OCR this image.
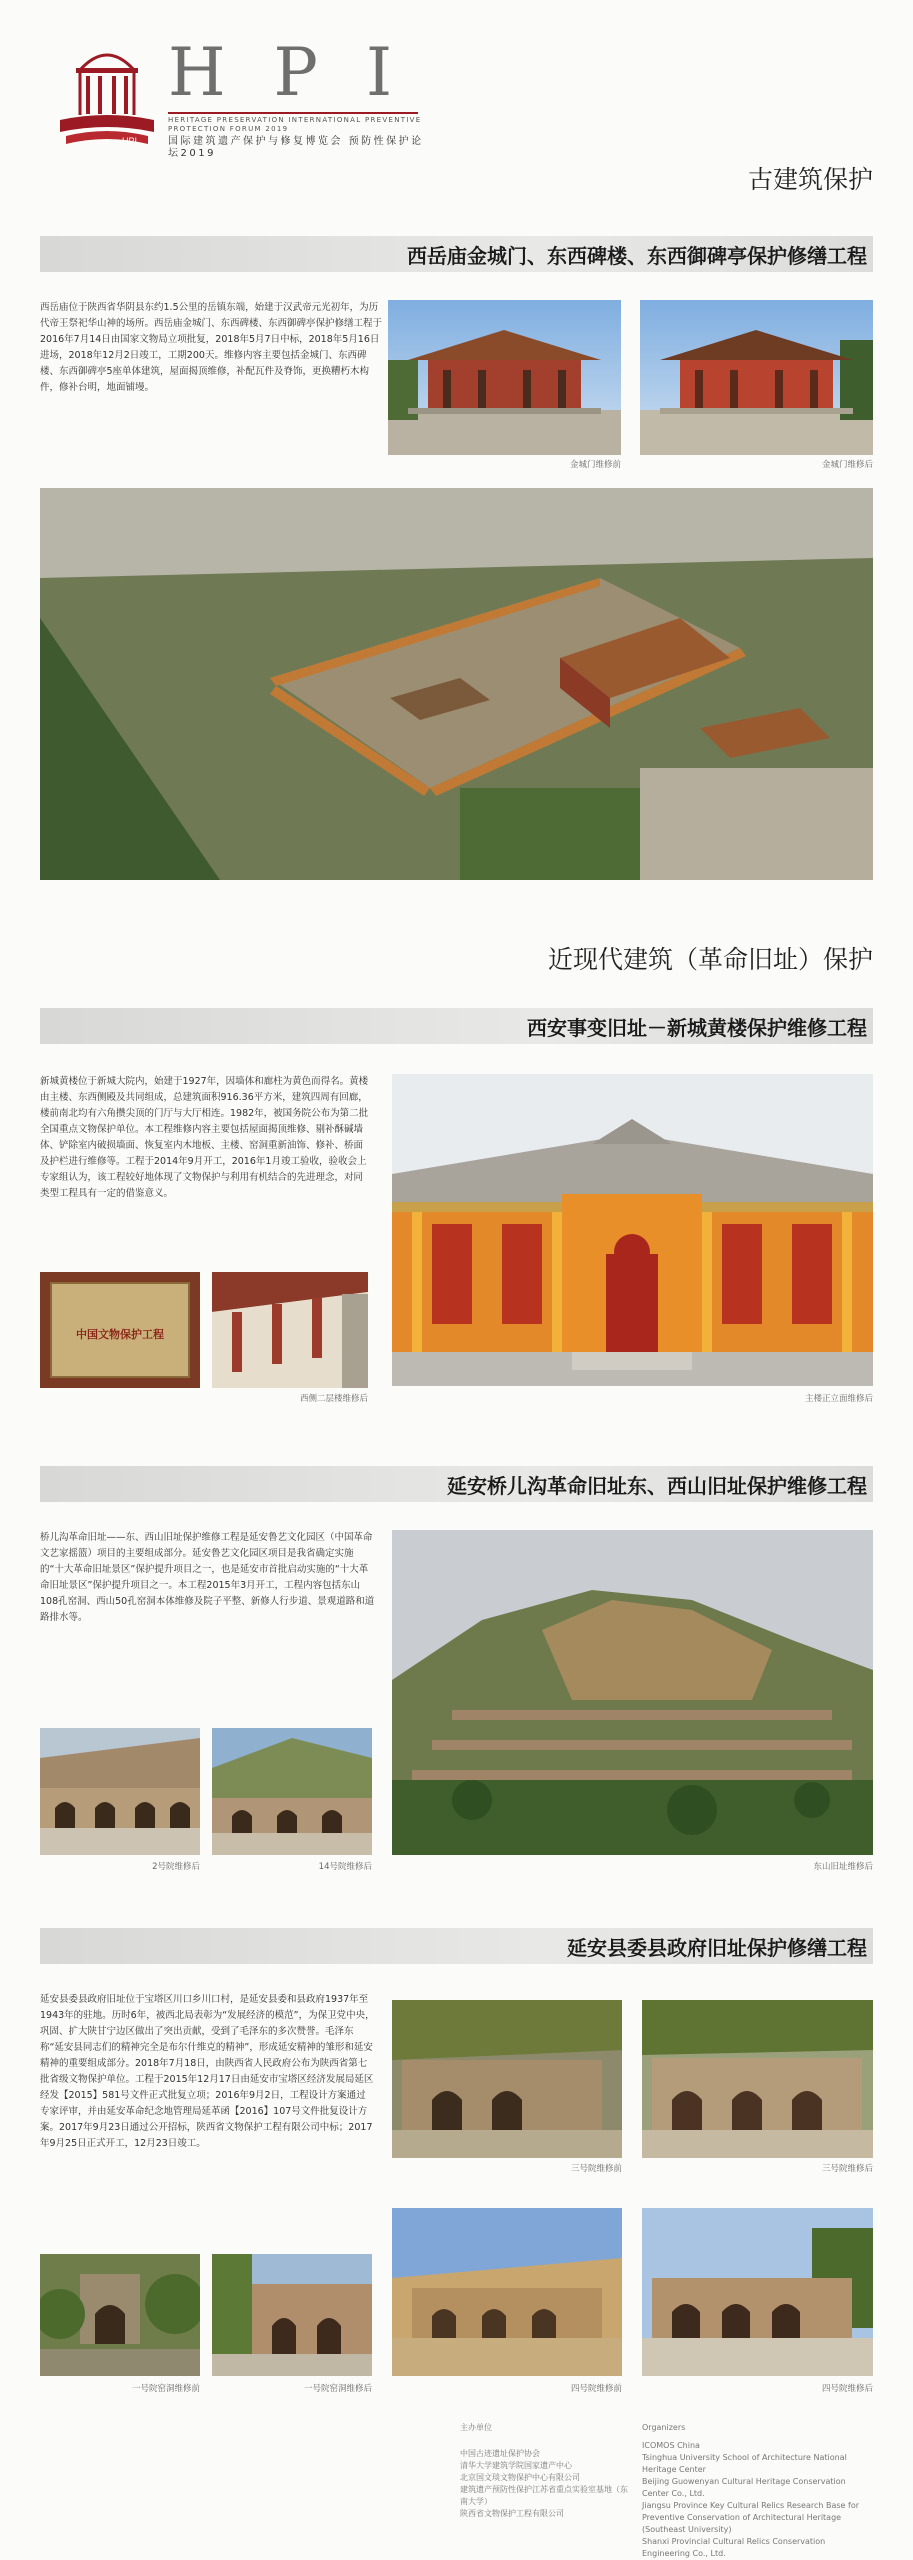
HPI
HPI
HERITAGE PRESERVATION INTERNATIONAL PREVENTIVE PROTECTION FORUM 2019
国际建筑遗产保护与修复博览会 预防性保护论坛2019
古建筑保护
西岳庙金城门、东西碑楼、东西御碑亭保护修缮工程
西岳庙位于陕西省华阴县东约1.5公里的岳镇东端，始建于汉武帝元光初年，为历代帝王祭祀华山神的场所。西岳庙金城门、东西碑楼、东西御碑亭保护修缮工程于2016年7月14日由国家文物局立项批复，2018年5月7日中标，2018年5月16日进场，2018年12月2日竣工，工期200天。维修内容主要包括金城门、东西碑楼、东西御碑亭5座单体建筑，屋面揭顶维修，补配瓦件及脊饰，更换糟朽木构件，修补台明，地面铺墁。
金城门维修前	金城门维修后
近现代建筑（革命旧址）保护
西安事变旧址－新城黄楼保护维修工程
新城黄楼位于新城大院内，始建于1927年，因墙体和廊柱为黄色而得名。黄楼由主楼、东西侧殿及共同组成，总建筑面积916.36平方米，建筑四周有回廊，楼前南北均有六角攒尖顶的门厅与大厅相连。1982年，被国务院公布为第二批全国重点文物保护单位。本工程维修内容主要包括屋面揭顶维修、剔补酥碱墙体、铲除室内破损墙面、恢复室内木地板、主楼、窑洞重新油饰、修补、桥面及护栏进行维修等。工程于2014年9月开工，2016年1月竣工验收，验收会上专家组认为，该工程较好地体现了文物保护与利用有机结合的先进理念，对同类型工程具有一定的借鉴意义。
中国文物保护工程
西侧二层楼维修后	主楼正立面维修后
延安桥儿沟革命旧址东、西山旧址保护维修工程
桥儿沟革命旧址——东、西山旧址保护维修工程是延安鲁艺文化园区（中国革命文艺家摇篮）项目的主要组成部分。延安鲁艺文化园区项目是我省确定实施的“十大革命旧址景区”保护提升项目之一，也是延安市首批启动实施的“十大革命旧址景区”保护提升项目之一。本工程2015年3月开工，工程内容包括东山108孔窑洞、西山50孔窑洞本体维修及院子平整、新修人行步道、景观道路和道路排水等。
2号院维修后	14号院维修后	东山旧址维修后
延安县委县政府旧址保护修缮工程
延安县委县政府旧址位于宝塔区川口乡川口村，是延安县委和县政府1937年至1943年的驻地。历时6年，被西北局表彰为“发展经济的模范”，为保卫党中央，巩固、扩大陕甘宁边区做出了突出贡献，受到了毛泽东的多次赞誉。毛泽东称“延安县同志们的精神完全是布尔什维克的精神”，形成延安精神的雏形和延安精神的重要组成部分。2018年7月18日，由陕西省人民政府公布为陕西省第七批省级文物保护单位。工程于2015年12月17日由延安市宝塔区经济发展局延区经发【2015】581号文件正式批复立项；2016年9月2日，工程设计方案通过专家评审，并由延安革命纪念地管理局延革函【2016】107号文件批复设计方案。2017年9月23日通过公开招标，陕西省文物保护工程有限公司中标；2017年9月25日正式开工，12月23日竣工。
三号院维修前	三号院维修后
一号院窑洞维修前	一号院窑洞维修后	四号院维修前	四号院维修后
主办单位
中国古迹遗址保护协会
清华大学建筑学院国家遗产中心
北京国文琰文物保护中心有限公司
建筑遗产预防性保护江苏省重点实验室基地（东南大学）
陕西省文物保护工程有限公司
Organizers
ICOMOS China
Tsinghua University School of Architecture National Heritage Center
Beijing Guowenyan Cultural Heritage Conservation Center Co., Ltd.
Jiangsu Province Key Cultural Relics Research Base for Preventive Conservation of Architectural Heritage (Southeast University)
Shanxi Provincial Cultural Relics Conservation Engineering Co., Ltd.
